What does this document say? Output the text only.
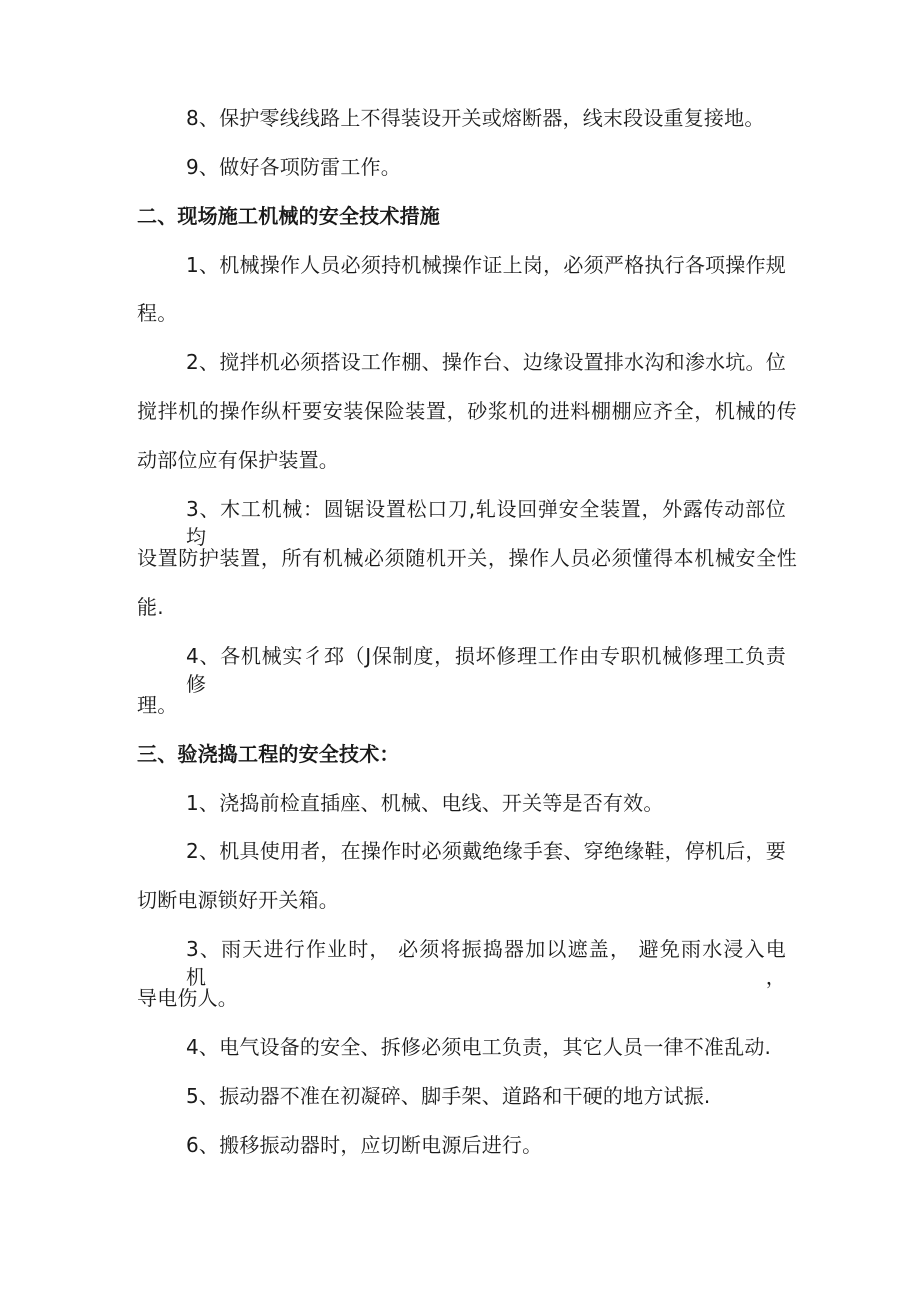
8、保护零线线路上不得装设开关或熔断器，线末段设重复接地。
9、做好各项防雷工作。
二、现场施工机械的安全技术措施
1、机械操作人员必须持机械操作证上岗，必须严格执行各项操作规
程。
2、搅拌机必须搭设工作棚、操作台、边缘设置排水沟和渗水坑。位
搅拌机的操作纵杆要安装保险装置，砂浆机的进料棚棚应齐全，机械的传
动部位应有保护装置。
3、木工机械：圆锯设置松口刀,轧设回弹安全装置，外露传动部位均
设置防护装置，所有机械必须随机开关，操作人员必须懂得本机械安全性
能.
4、各机械实彳邳（J保制度，损坏修理工作由专职机械修理工负责修
理。
三、验浇捣工程的安全技术：
1、浇捣前检直插座、机械、电线、开关等是否有效。
2、机具使用者，在操作时必须戴绝缘手套、穿绝缘鞋，停机后，要
切断电源锁好开关箱。
3、雨天进行作业时， 必须将振捣器加以遮盖， 避免雨水浸入电机，
导电伤人。
4、电气设备的安全、拆修必须电工负责，其它人员一律不准乱动.
5、振动器不准在初凝碎、脚手架、道路和干硬的地方试振.
6、搬移振动器时，应切断电源后进行。
